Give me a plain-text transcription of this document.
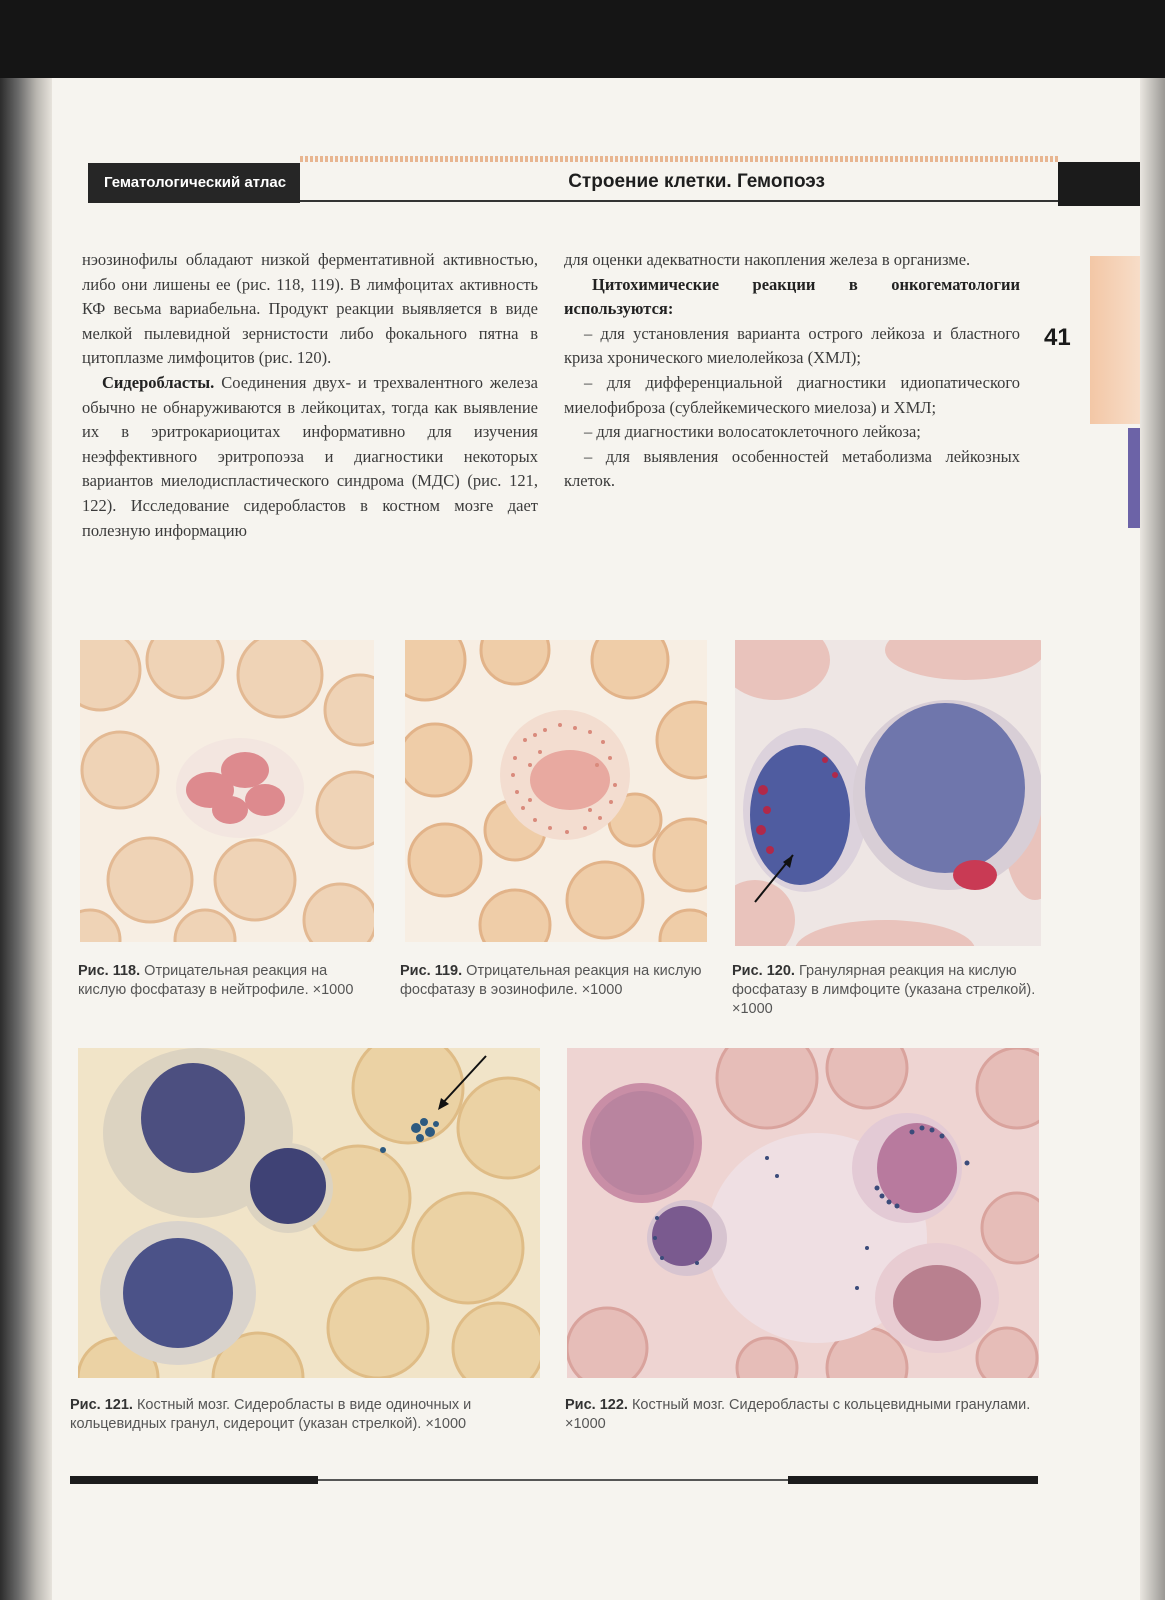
Гематологический атлас	Строение клетки. Гемопоэз
41

нэозинофилы обладают низкой ферментативной активностью, либо они лишены ее (рис. 118, 119). В лимфоцитах активность КФ весьма вариабельна. Продукт реакции выявляется в виде мелкой пылевидной зернистости либо фокального пятна в цитоплазме лимфоцитов (рис. 120).

Сидеробласты. Соединения двух- и трехвалентного железа обычно не обнаруживаются в лейкоцитах, тогда как выявление их в эритрокариоцитах информативно для изучения неэффективного эритропоэза и диагностики некоторых вариантов миелодиспластического синдрома (МДС) (рис. 121, 122). Исследование сидеробластов в костном мозге дает полезную информацию

для оценки адекватности накопления железа в организме.

Цитохимические реакции в онкогематологии используются:

– для установления варианта острого лейкоза и бластного криза хронического миелолейкоза (ХМЛ);

– для дифференциальной диагностики идиопатического миелофиброза (сублейкемического миелоза) и ХМЛ;

– для диагностики волосатоклеточного лейкоза;

– для выявления особенностей метаболизма лейкозных клеток.

Рис. 118. Отрицательная реакция на кислую фосфатазу в нейтрофиле. ×1000
Рис. 119. Отрицательная реакция на кислую фосфатазу в эозинофиле. ×1000
Рис. 120. Гранулярная реакция на кислую фосфатазу в лимфоците (указана стрелкой). ×1000
Рис. 121. Костный мозг. Сидеробласты в виде одиночных и кольцевидных гранул, сидероцит (указан стрелкой). ×1000
Рис. 122. Костный мозг. Сидеробласты с кольцевидными гранулами. ×1000
